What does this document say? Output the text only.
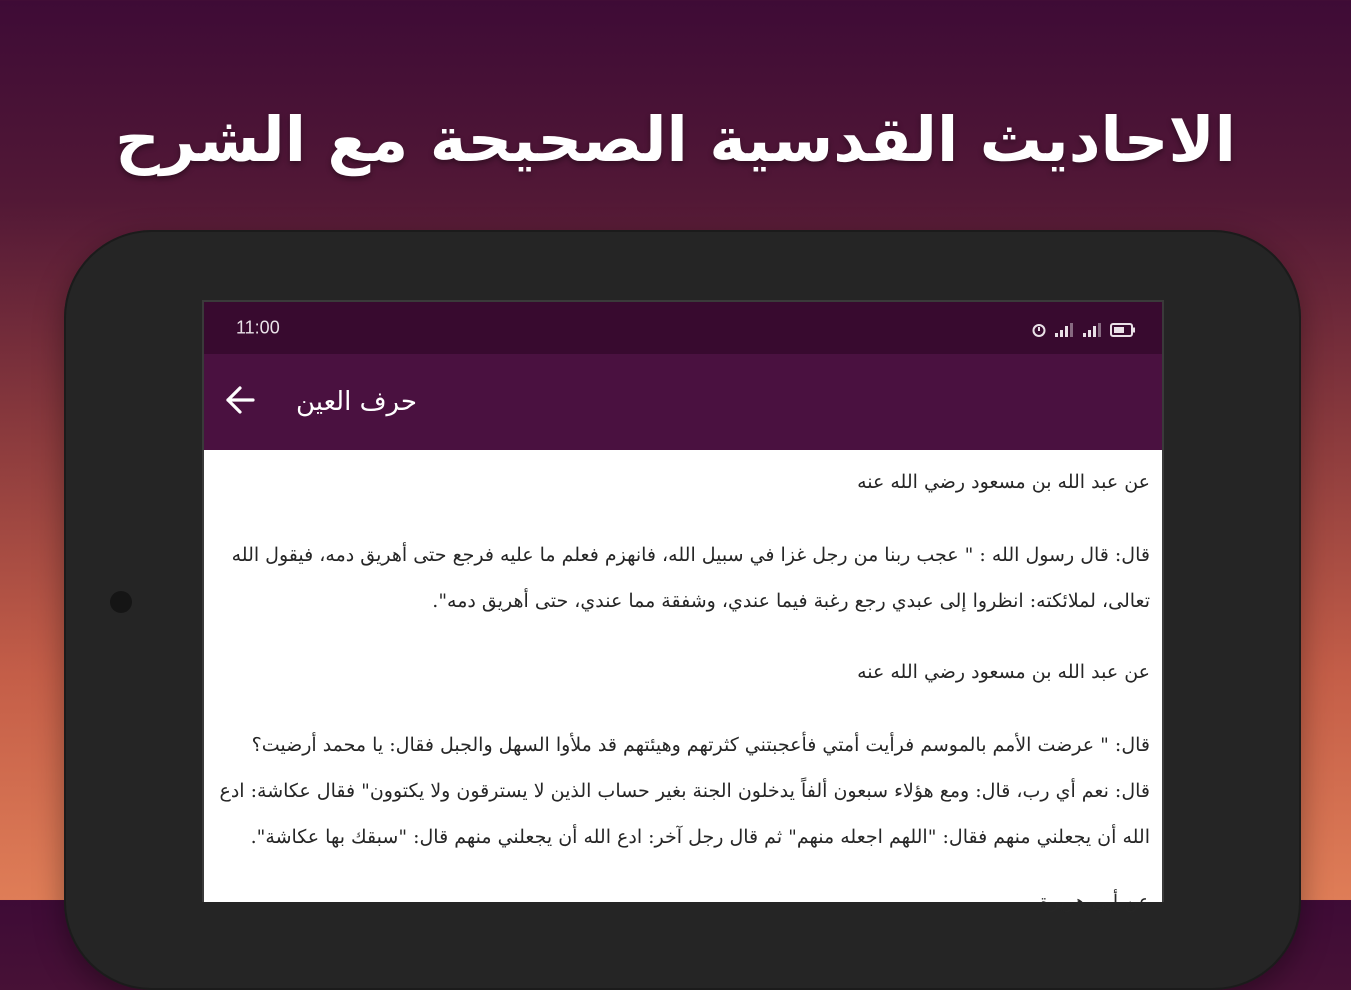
الاحاديث القدسية الصحيحة مع الشرح
11:00
حرف العين

عن عبد الله بن مسعود رضي الله عنه

قال: قال رسول الله : " عجب ربنا من رجل غزا في سبيل الله، فانهزم فعلم ما عليه فرجع حتى أهريق دمه، فيقول الله تعالى، لملائكته: انظروا إلى عبدي رجع رغبة فيما عندي، وشفقة مما عندي، حتى أهريق دمه".

عن عبد الله بن مسعود رضي الله عنه

قال: " عرضت الأمم بالموسم فرأيت أمتي فأعجبتني كثرتهم وهيئتهم قد ملأوا السهل والجبل فقال: يا محمد أرضيت؟ قال: نعم أي رب، قال: ومع هؤلاء سبعون ألفاً يدخلون الجنة بغير حساب الذين لا يسترقون ولا يكتوون" فقال عكاشة: ادع الله أن يجعلني منهم فقال: "اللهم اجعله منهم" ثم قال رجل آخر: ادع الله أن يجعلني منهم قال: "سبقك بها عكاشة".

عن أبي هريرة
